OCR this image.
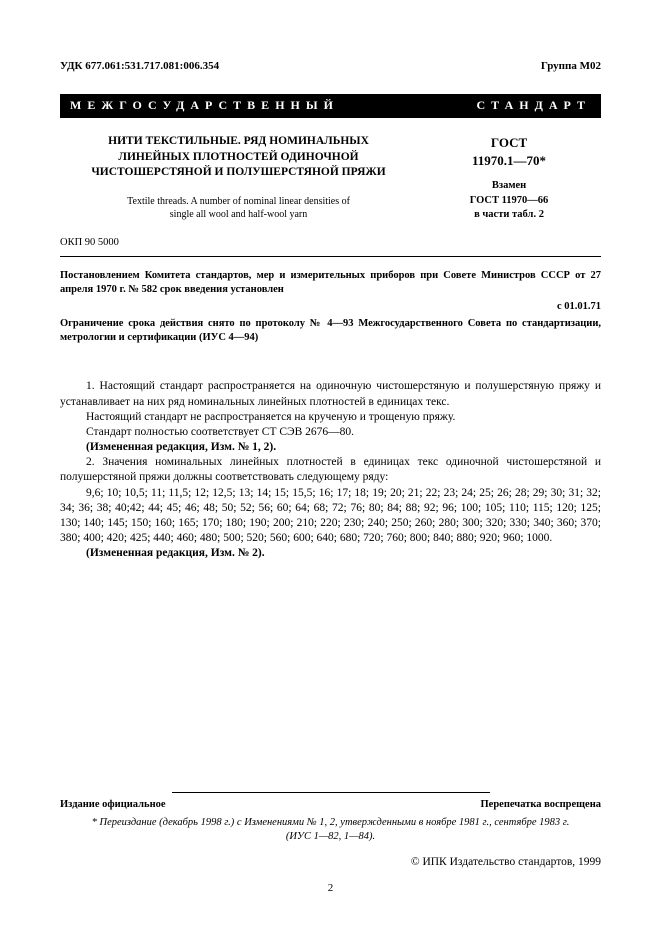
УДК 677.061:531.717.081:006.354	Группа М02
МЕЖГОСУДАРСТВЕННЫЙ	СТАНДАРТ
НИТИ ТЕКСТИЛЬНЫЕ. РЯД НОМИНАЛЬНЫХ ЛИНЕЙНЫХ ПЛОТНОСТЕЙ ОДИНОЧНОЙ ЧИСТОШЕРСТЯНОЙ И ПОЛУШЕРСТЯНОЙ ПРЯЖИ
Textile threads. A number of nominal linear densities of single all wool and half-wool yarn
ОКП 90 5000
ГОСТ
11970.1—70*
Взамен
ГОСТ 11970—66
в части табл. 2

Постановлением Комитета стандартов, мер и измерительных приборов при Совете Министров СССР от 27 апреля 1970 г. № 582 срок введения установлен

с 01.01.71

Ограничение срока действия снято по протоколу № 4—93 Межгосударственного Совета по стандартизации, метрологии и сертификации (ИУС 4—94)

1. Настоящий стандарт распространяется на одиночную чистошерстяную и полушерстяную пряжу и устанавливает на них ряд номинальных линейных плотностей в единицах текс.

Настоящий стандарт не распространяется на крученую и трощеную пряжу.

Стандарт полностью соответствует СТ СЭВ 2676—80.

(Измененная редакция, Изм. № 1, 2).

2. Значения номинальных линейных плотностей в единицах текс одиночной чистошерстяной и полушерстяной пряжи должны соответствовать следующему ряду:

9,6; 10; 10,5; 11; 11,5; 12; 12,5; 13; 14; 15; 15,5; 16; 17; 18; 19; 20; 21; 22; 23; 24; 25; 26; 28; 29; 30; 31; 32; 34; 36; 38; 40;42; 44; 45; 46; 48; 50; 52; 56; 60; 64; 68; 72; 76; 80; 84; 88; 92; 96; 100; 105; 110; 115; 120; 125; 130; 140; 145; 150; 160; 165; 170; 180; 190; 200; 210; 220; 230; 240; 250; 260; 280; 300; 320; 330; 340; 360; 370; 380; 400; 420; 425; 440; 460; 480; 500; 520; 560; 600; 640; 680; 720; 760; 800; 840; 880; 920; 960; 1000.

(Измененная редакция, Изм. № 2).

Издание официальное	Перепечатка воспрещена
* Переиздание (декабрь 1998 г.) с Изменениями № 1, 2, утвержденными в ноябре 1981 г., сентябре 1983 г.
(ИУС 1—82, 1—84).
© ИПК Издательство стандартов, 1999
2
